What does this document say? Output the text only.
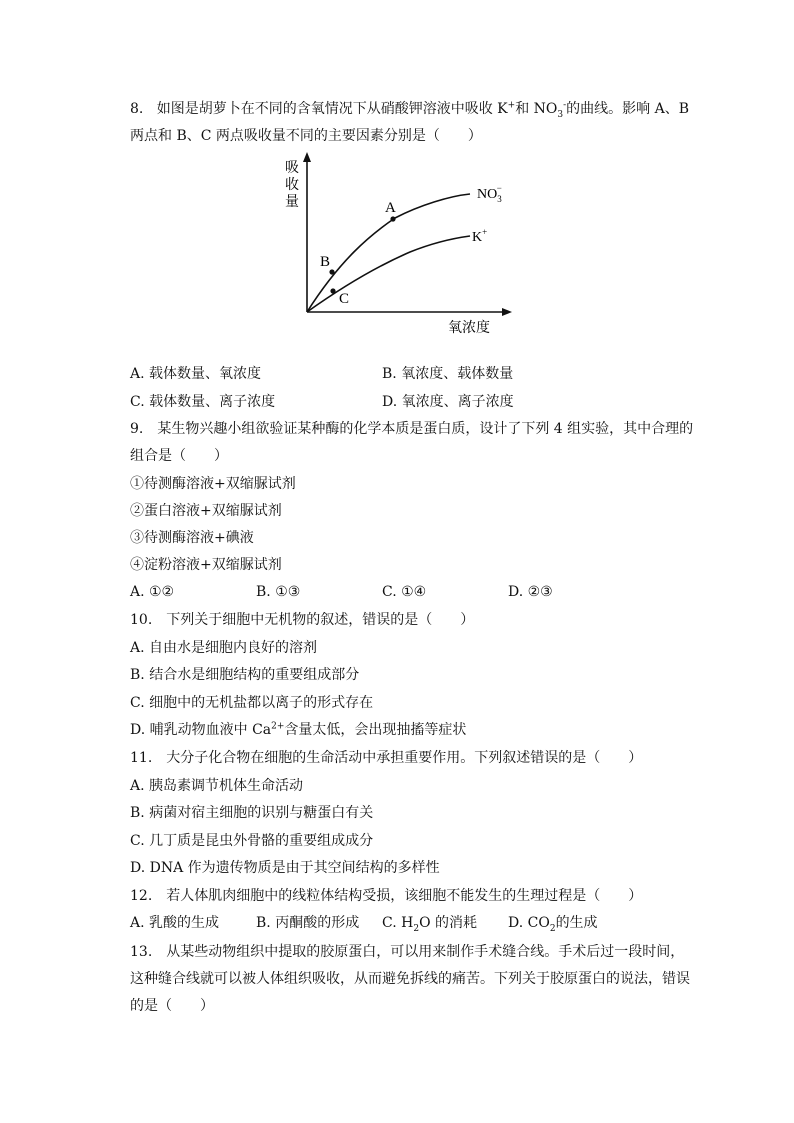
8. 如图是胡萝卜在不同的含氧情况下从硝酸钾溶液中吸收 K+和 $NO_3^-$的曲线。影响 A、B 两点和 B、C 两点吸收量不同的主要因素分别是（　　）
吸
收
量
氧浓度
A
B
C
$NO_3-$
K+
A. 载体数量、氧浓度	B. 氧浓度、载体数量
C. 载体数量、离子浓度	D. 氧浓度、离子浓度
9.　某生物兴趣小组欲验证某种酶的化学本质是蛋白质，设计了下列 4 组实验，其中合理的组合是（　　）
①待测酶溶液+双缩脲试剂
②蛋白溶液+双缩脲试剂
③待测酶溶液+碘液
④淀粉溶液+双缩脲试剂
A. ①②	B. ①③	C. ①④	D. ②③
10.　下列关于细胞中无机物的叙述，错误的是（　　）
A. 自由水是细胞内良好的溶剂
B. 结合水是细胞结构的重要组成部分
C. 细胞中的无机盐都以离子的形式存在
D. 哺乳动物血液中 $Ca^{2+}$含量太低，会出现抽搐等症状
11.　大分子化合物在细胞的生命活动中承担重要作用。下列叙述错误的是（　　）
A. 胰岛素调节机体生命活动
B. 病菌对宿主细胞的识别与糖蛋白有关
C. 几丁质是昆虫外骨骼的重要组成成分
D. DNA 作为遗传物质是由于其空间结构的多样性
12.　若人体肌肉细胞中的线粒体结构受损，该细胞不能发生的生理过程是（　　）
A. 乳酸的生成	B. 丙酮酸的形成 C. $H_2O$ 的消耗 D. $CO_2$的生成
13.　从某些动物组织中提取的胶原蛋白，可以用来制作手术缝合线。手术后过一段时间，这种缝合线就可以被人体组织吸收，从而避免拆线的痛苦。下列关于胶原蛋白的说法，错误的是（　　）
